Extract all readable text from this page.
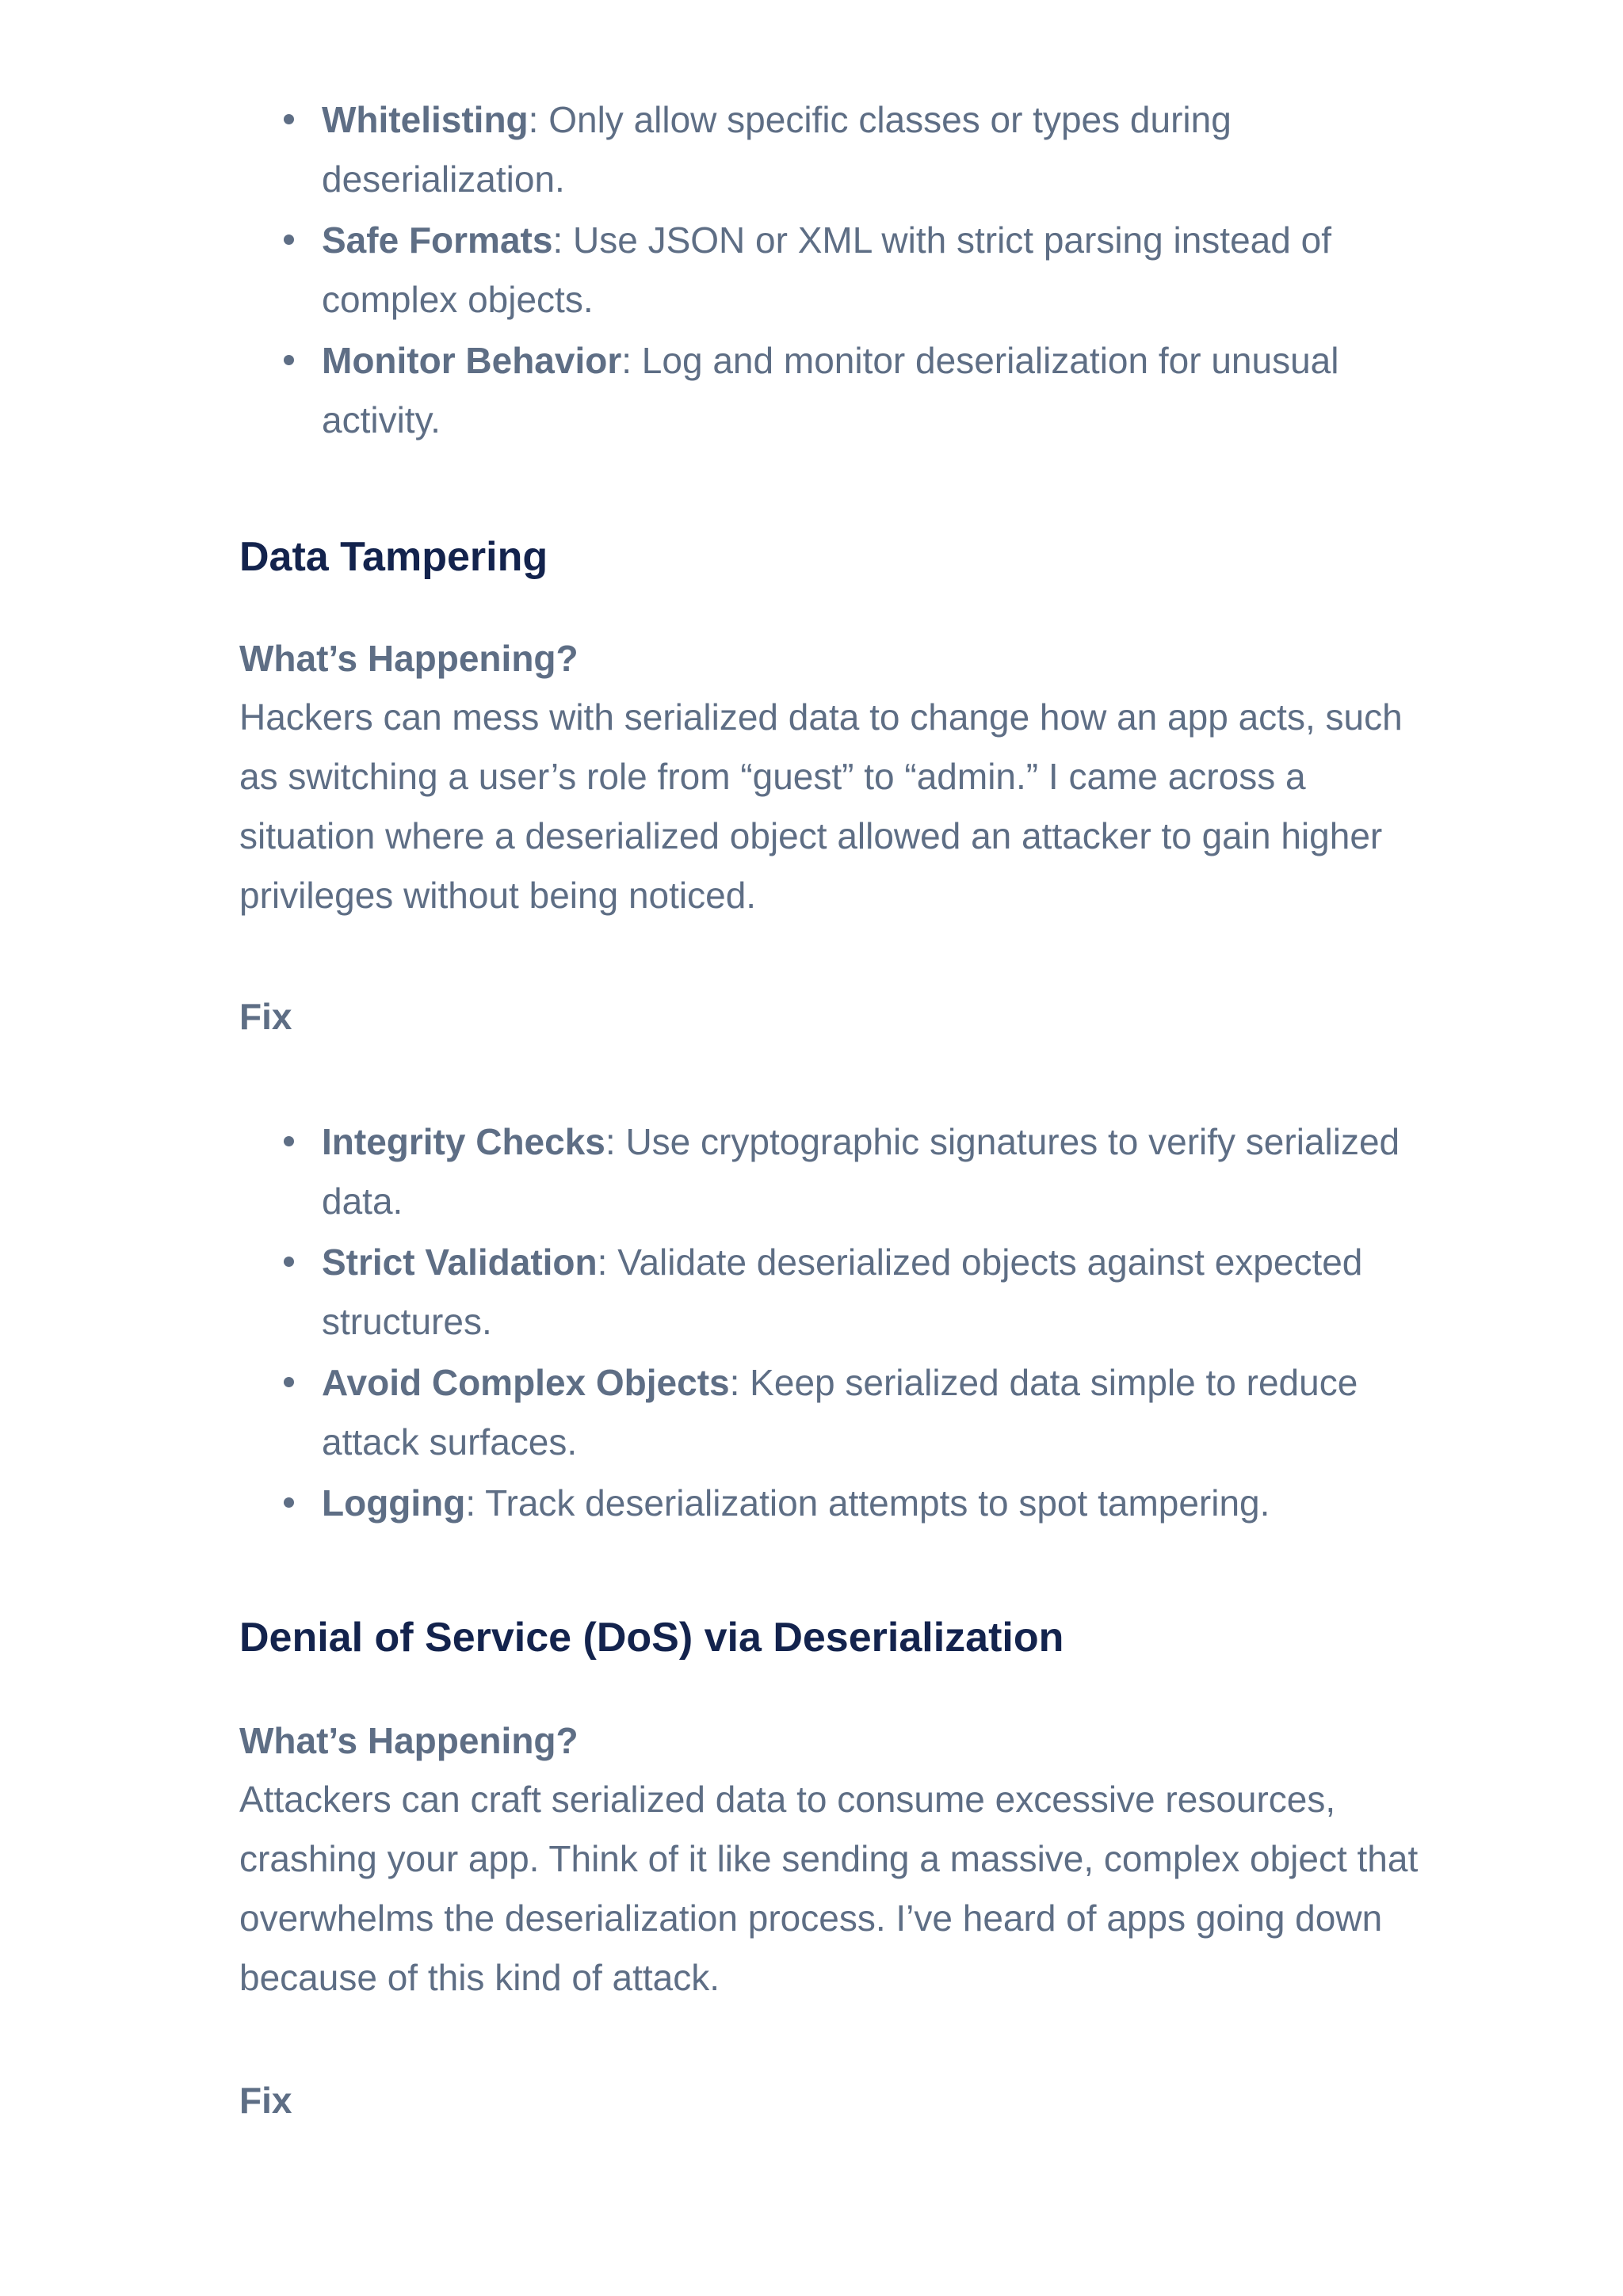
Whitelisting: Only allow specific classes or types during deserialization.
Safe Formats: Use JSON or XML with strict parsing instead of complex objects.
Monitor Behavior: Log and monitor deserialization for unusual activity.
Data Tampering
What’s Happening?

Hackers can mess with serialized data to change how an app acts, such as switching a user’s role from “guest” to “admin.” I came across a situation where a deserialized object allowed an attacker to gain higher privileges without being noticed.

Fix
Integrity Checks: Use cryptographic signatures to verify serialized data.
Strict Validation: Validate deserialized objects against expected structures.
Avoid Complex Objects: Keep serialized data simple to reduce attack surfaces.
Logging: Track deserialization attempts to spot tampering.
Denial of Service (DoS) via Deserialization
What’s Happening?

Attackers can craft serialized data to consume excessive resources, crashing your app. Think of it like sending a massive, complex object that overwhelms the deserialization process. I’ve heard of apps going down because of this kind of attack.

Fix
